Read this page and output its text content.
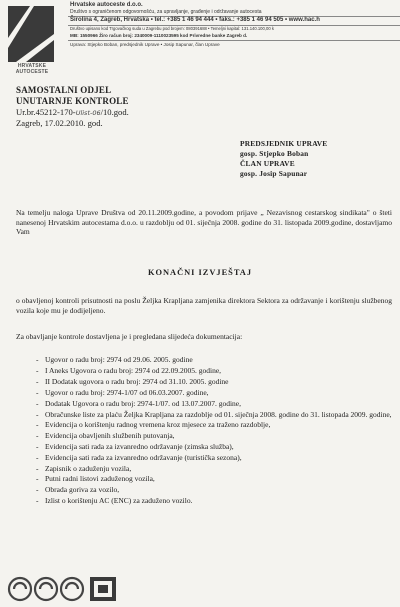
HRVATSKE
AUTOCESTE
Hrvatske autoceste d.o.o.
Društvo s ograničenom odgovornošću, za upravljanje, građenje i održavanje autocesta
Širolina 4, Zagreb, Hrvatska • tel.: +385 1 46 94 444 • faks.: +385 1 46 94 505 • www.hac.h
Društvo upisano kod Trgovačkog suda u Zagrebu pod brojem: 080391688 • Temeljni kapital: 131.140.100,00 k
MB: 1550966 Žiro račun broj: 2340009-1110023595 kod Privredne banke Zagreb d.
Uprava: Stjepko Boban, predsjednik Uprave • Josip Sapunar, član Uprave
SAMOSTALNI ODJEL
UNUTARNJE KONTROLE
Ur.br.45212-170-Ulist-06/10.god.
Zagreb, 17.02.2010. god.
PREDSJEDNIK UPRAVE
gosp. Stjepko Boban
ČLAN UPRAVE
gosp. Josip Sapunar
Na temelju naloga Uprave Društva od 20.11.2009.godine, a povodom prijave „ Nezavisnog cestarskog sindikata" o šteti nanesenoj Hrvatskim autocestama d.o.o. u razdoblju od 01. siječnja 2008. godine do 31. listopada 2009.godine, dostavljamo Vam
KONAČNI IZVJEŠTAJ
o obavljenoj kontroli prisutnosti na poslu Željka Krapljana zamjenika direktora Sektora za održavanje i korištenju službenog vozila koje mu je dodijeljeno.
Za obavljanje kontrole dostavljena je i pregledana slijedeća dokumentacija:
- Ugovor o radu broj: 2974 od 29.06. 2005. godine
- I Aneks Ugovora o radu broj: 2974 od 22.09.2005. godine,
- II Dodatak ugovora o radu broj: 2974 od 31.10. 2005. godine
- Ugovor o radu broj: 2974-1/07 od 06.03.2007. godine,
- Dodatak Ugovora o radu broj: 2974-1/07. od 13.07.2007. godine,
- Obračunske liste za plaću Željka Krapljana za razdoblje od 01. siječnja 2008. godine do 31. listopada 2009. godine,
- Evidencija o korištenju radnog vremena kroz mjesece za traženo razdoblje,
- Evidencija obavljenih službenih putovanja,
- Evidencija sati rada za izvanredno održavanje (zimska služba),
- Evidencija sati rada za izvanredno održavanje (turistička sezona),
- Zapisnik o zaduženju vozila,
- Putni radni listovi zaduženog vozila,
- Obrada goriva za vozilo,
- Izlist o korištenju AC (ENC) za zaduženo vozilo.
